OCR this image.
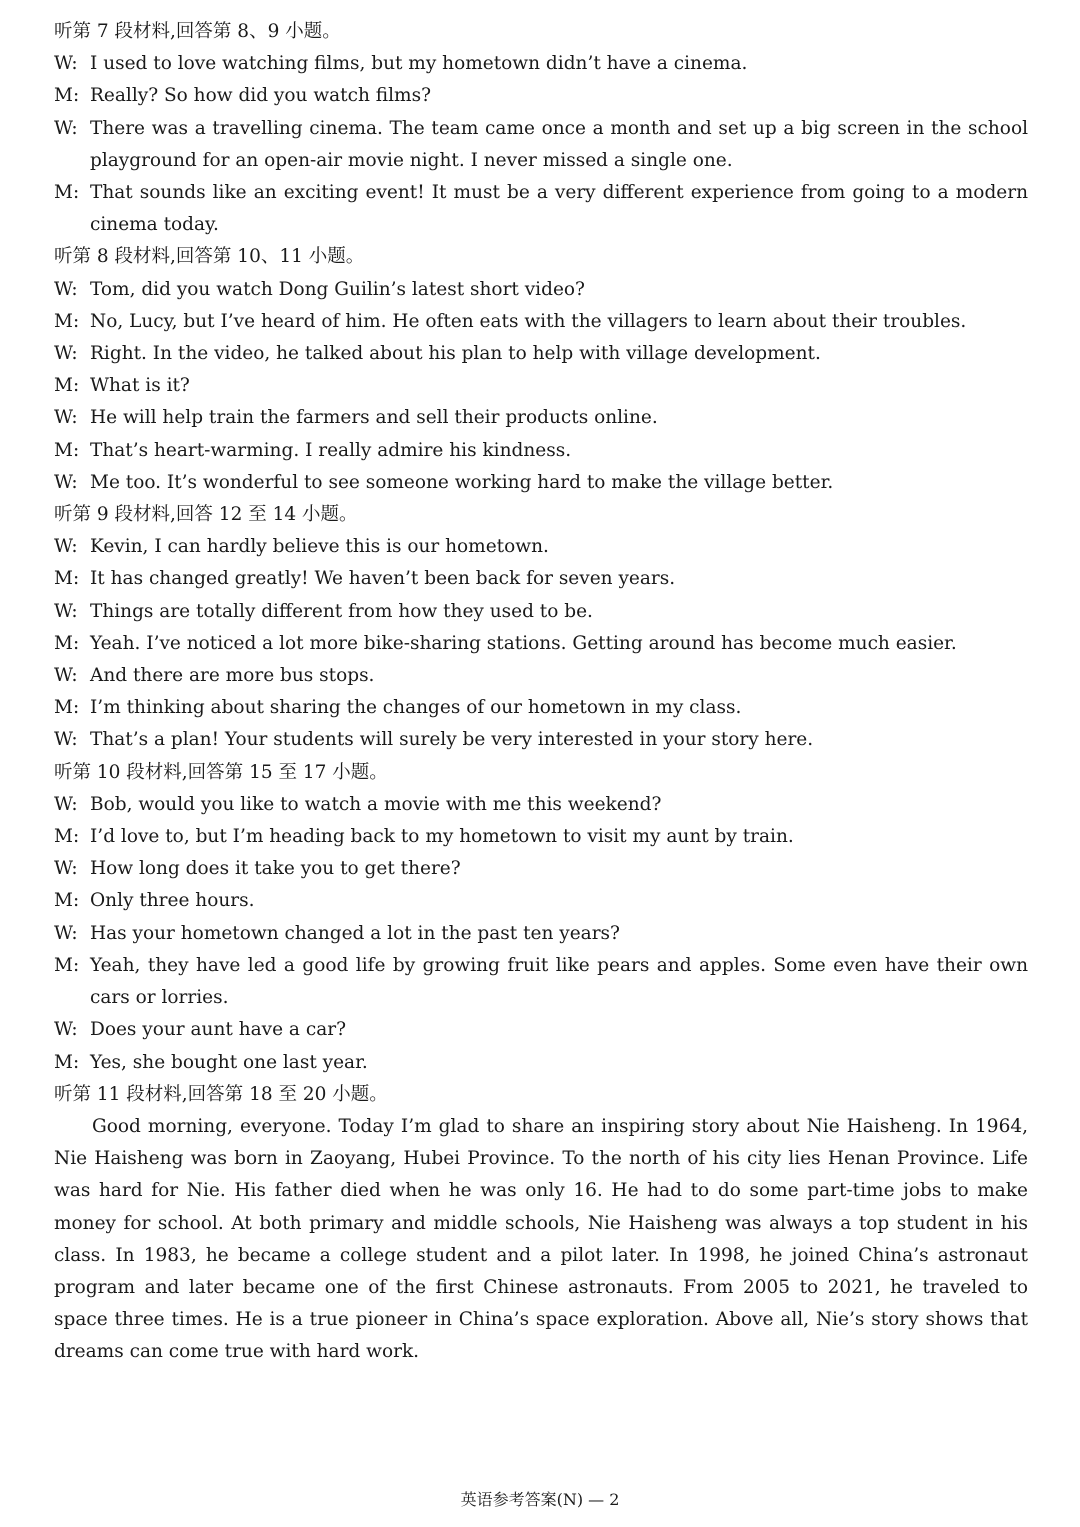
听第 7 段材料,回答第 8、9 小题。
W: I used to love watching films, but my hometown didn’t have a cinema.
M: Really? So how did you watch films?
W: There was a travelling cinema. The team came once a month and set up a big screen in the school playground for an open-air movie night. I never missed a single one.
M: That sounds like an exciting event! It must be a very different experience from going to a modern cinema today.
听第 8 段材料,回答第 10、11 小题。
W: Tom, did you watch Dong Guilin’s latest short video?
M: No, Lucy, but I’ve heard of him. He often eats with the villagers to learn about their troubles.
W: Right. In the video, he talked about his plan to help with village development.
M: What is it?
W: He will help train the farmers and sell their products online.
M: That’s heart-warming. I really admire his kindness.
W: Me too. It’s wonderful to see someone working hard to make the village better.
听第 9 段材料,回答 12 至 14 小题。
W: Kevin, I can hardly believe this is our hometown.
M: It has changed greatly! We haven’t been back for seven years.
W: Things are totally different from how they used to be.
M: Yeah. I’ve noticed a lot more bike-sharing stations. Getting around has become much easier.
W: And there are more bus stops.
M: I’m thinking about sharing the changes of our hometown in my class.
W: That’s a plan! Your students will surely be very interested in your story here.
听第 10 段材料,回答第 15 至 17 小题。
W: Bob, would you like to watch a movie with me this weekend?
M: I’d love to, but I’m heading back to my hometown to visit my aunt by train.
W: How long does it take you to get there?
M: Only three hours.
W: Has your hometown changed a lot in the past ten years?
M: Yeah, they have led a good life by growing fruit like pears and apples. Some even have their own cars or lorries.
W: Does your aunt have a car?
M: Yes, she bought one last year.
听第 11 段材料,回答第 18 至 20 小题。

Good morning, everyone. Today I’m glad to share an inspiring story about Nie Haisheng. In 1964, Nie Haisheng was born in Zaoyang, Hubei Province. To the north of his city lies Henan Province. Life was hard for Nie. His father died when he was only 16. He had to do some part-time jobs to make money for school. At both primary and middle schools, Nie Haisheng was always a top student in his class. In 1983, he became a college student and a pilot later. In 1998, he joined China’s astronaut program and later became one of the first Chinese astronauts. From 2005 to 2021, he traveled to space three times. He is a true pioneer in China’s space exploration. Above all, Nie’s story shows that dreams can come true with hard work.

英语参考答案(N) — 2
